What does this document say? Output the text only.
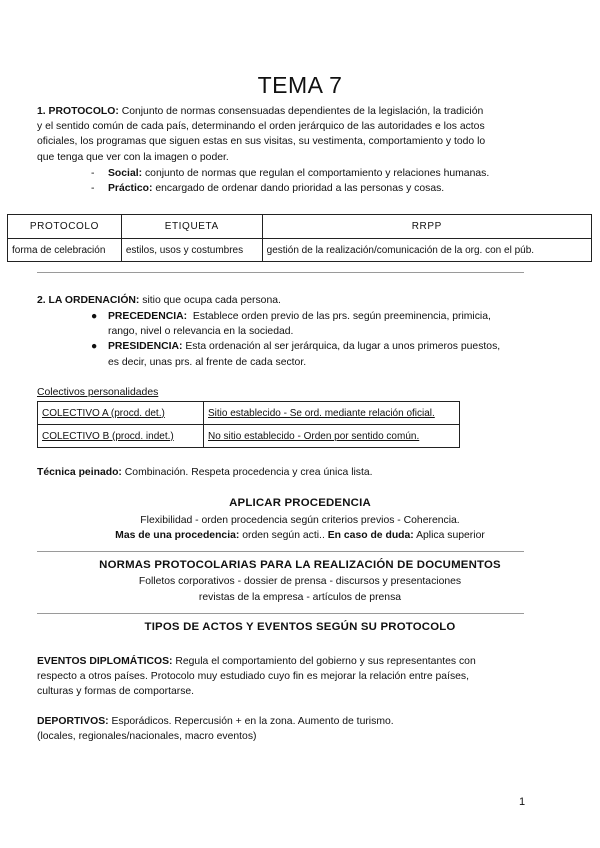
TEMA 7
1. PROTOCOLO: Conjunto de normas consensuadas dependientes de la legislación, la tradición
y el sentido común de cada país, determinando el orden jerárquico de las autoridades e los actos
oficiales, los programas que siguen estas en sus visitas, su vestimenta, comportamiento y todo lo
que tenga que ver con la imagen o poder.
- Social: conjunto de normas que regulan el comportamiento y relaciones humanas.
- Práctico: encargado de ordenar dando prioridad a las personas y cosas.
PROTOCOLO	ETIQUETA	RRPP
forma de celebración	estilos, usos y costumbres	gestión de la realización/comunicación de la org. con el púb.
2. LA ORDENACIÓN: sitio que ocupa cada persona.
● PRECEDENCIA: Establece orden previo de las prs. según preeminencia, primicia,
rango, nivel o relevancia en la sociedad.
● PRESIDENCIA: Esta ordenación al ser jerárquica, da lugar a unos primeros puestos,
es decir, unas prs. al frente de cada sector.
Colectivos personalidades
COLECTIVO A (procd. det.)	Sitio establecido - Se ord. mediante relación oficial.
COLECTIVO B (procd. indet.)	No sitio establecido - Orden por sentido común.
Técnica peinado: Combinación. Respeta procedencia y crea única lista.
APLICAR PROCEDENCIA
Flexibilidad - orden procedencia según criterios previos - Coherencia.
Mas de una procedencia: orden según acti.. En caso de duda: Aplica superior
NORMAS PROTOCOLARIAS PARA LA REALIZACIÓN DE DOCUMENTOS
Folletos corporativos - dossier de prensa - discursos y presentaciones
revistas de la empresa - artículos de prensa
TIPOS DE ACTOS Y EVENTOS SEGÚN SU PROTOCOLO
EVENTOS DIPLOMÁTICOS: Regula el comportamiento del gobierno y sus representantes con
respecto a otros países. Protocolo muy estudiado cuyo fin es mejorar la relación entre países,
culturas y formas de comportarse.
DEPORTIVOS: Esporádicos. Repercusión + en la zona. Aumento de turismo.
(locales, regionales/nacionales, macro eventos)
1
